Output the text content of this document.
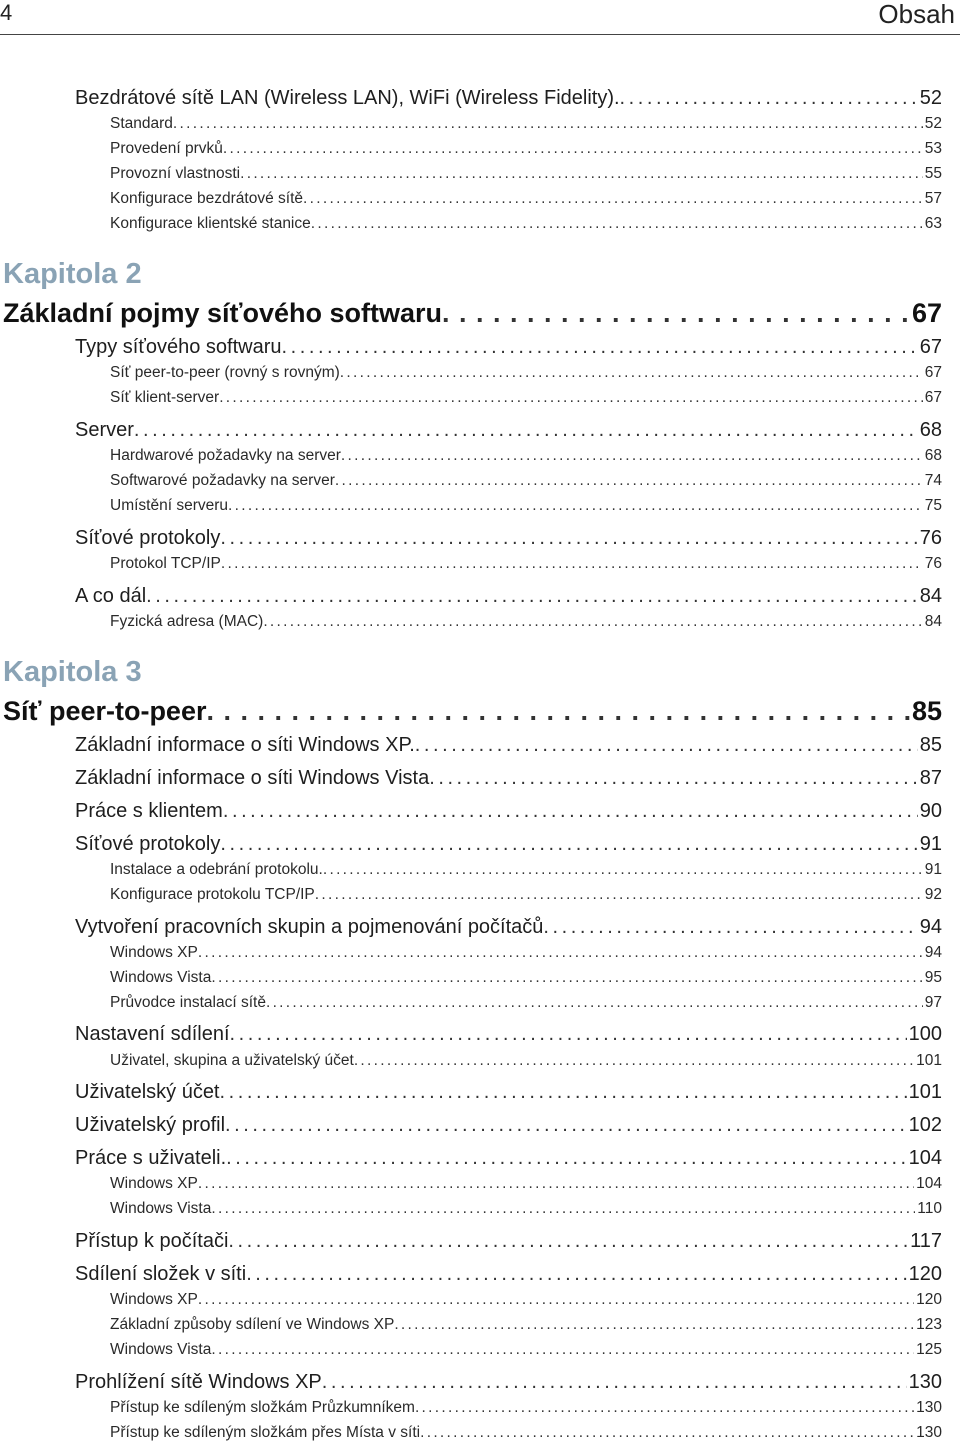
4	Obsah
Bezdrátové sítě LAN (Wireless LAN), WiFi (Wireless Fidelity). . . .	52
Standard . . .	52
Provedení prvků . . .	53
Provozní vlastnosti . . .	55
Konfigurace bezdrátové sítě . . .	57
Konfigurace klientské stanice . . .	63
Kapitola 2
Základní pojmy síťového softwaru . . .	67
Typy síťového softwaru . . .	67
Síť peer-to-peer (rovný s rovným) . . .	67
Síť klient-server . . .	67
Server . . .	68
Hardwarové požadavky na server . . .	68
Softwarové požadavky na server . . .	74
Umístění serveru . . .	75
Síťové protokoly . . .	76
Protokol TCP/IP . . .	76
A co dál . . .	84
Fyzická adresa (MAC) . . .	84
Kapitola 3
Síť peer-to-peer . . .	85
Základní informace o síti Windows XP. . . .	85
Základní informace o síti Windows Vista . . .	87
Práce s klientem . . .	90
Síťové protokoly . . .	91
Instalace a odebrání protokolu. . . .	91
Konfigurace protokolu TCP/IP . . .	92
Vytvoření pracovních skupin a pojmenování počítačů . . .	94
Windows XP . . .	94
Windows Vista . . .	95
Průvodce instalací sítě . . .	97
Nastavení sdílení . . .	100
Uživatel, skupina a uživatelský účet . . .	101
Uživatelský účet . . .	101
Uživatelský profil . . .	102
Práce s uživateli. . . .	104
Windows XP . . .	104
Windows Vista . . .	110
Přístup k počítači . . .	117
Sdílení složek v síti . . .	120
Windows XP . . .	120
Základní způsoby sdílení ve Windows XP . . .	123
Windows Vista . . .	125
Prohlížení sítě Windows XP . . .	130
Přístup ke sdíleným složkám Průzkumníkem . . .	130
Přístup ke sdíleným složkám přes Místa v síti . . .	130
